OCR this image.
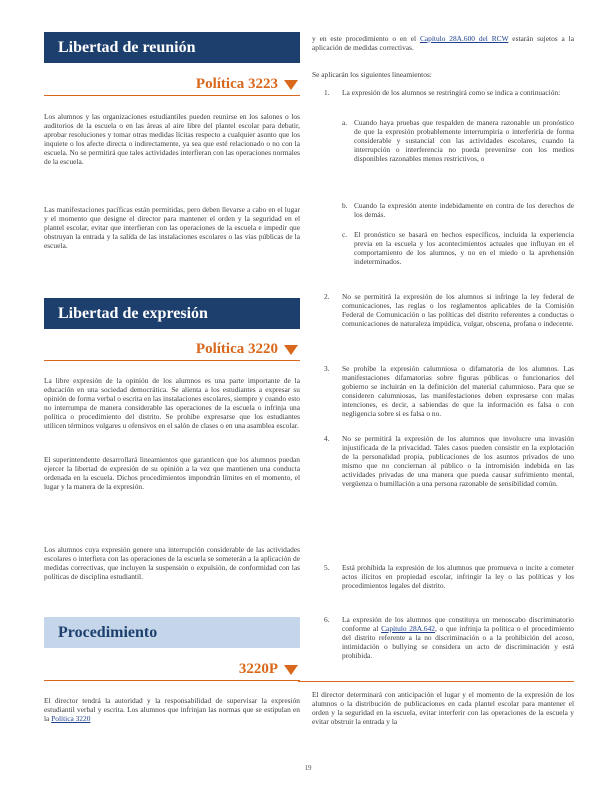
Libertad de reunión
Política 3223

Los alumnos y las organizaciones estudiantiles pueden reunirse en los salones o los auditorios de la escuela o en las áreas al aire libre del plantel escolar para debatir, aprobar resoluciones y tomar otras medidas lícitas respecto a cualquier asunto que los inquiete o los afecte directa o indirectamente, ya sea que esté relacionado o no con la escuela. No se permitirá que tales actividades interfieran con las operaciones normales de la escuela.

Las manifestaciones pacíficas están permitidas, pero deben llevarse a cabo en el lugar y el momento que designe el director para mantener el orden y la seguridad en el plantel escolar, evitar que interfieran con las operaciones de la escuela e impedir que obstruyan la entrada y la salida de las instalaciones escolares o las vías públicas de la escuela.

Libertad de expresión
Política 3220

La libre expresión de la opinión de los alumnos es una parte importante de la educación en una sociedad democrática. Se alienta a los estudiantes a expresar su opinión de forma verbal o escrita en las instalaciones escolares, siempre y cuando esto no interrumpa de manera considerable las operaciones de la escuela o infrinja una política o procedimiento del distrito. Se prohíbe expresarse que los estudiantes utilicen términos vulgares u ofensivos en el salón de clases o en una asamblea escolar.

El superintendente desarrollará lineamientos que garanticen que los alumnos puedan ejercer la libertad de expresión de su opinión a la vez que mantienen una conducta ordenada en la escuela. Dichos procedimientos impondrán límites en el momento, el lugar y la manera de la expresión.

Los alumnos cuya expresión genere una interrupción considerable de las actividades escolares o interfiera con las operaciones de la escuela se someterán a la aplicación de medidas correctivas, que incluyen la suspensión o expulsión, de conformidad con las políticas de disciplina estudiantil.

Procedimiento
3220P

El director tendrá la autoridad y la responsabilidad de supervisar la expresión estudiantil verbal y escrita. Los alumnos que infrinjan las normas que se estipulan en la Política 3220

y en este procedimiento o en el Capítulo 28A.600 del RCW estarán sujetos a la aplicación de medidas correctivas.

Se aplicarán los siguientes lineamientos:

1. La expresión de los alumnos se restringirá como se indica a continuación:

a. Cuando haya pruebas que respalden de manera razonable un pronóstico de que la expresión probablemente interrumpiría o interferiría de forma considerable y sustancial con las actividades escolares, cuando la interrupción o interferencia no pueda prevenirse con los medios disponibles razonables menos restrictivos, o

b. Cuando la expresión atente indebidamente en contra de los derechos de los demás.

c. El pronóstico se basará en hechos específicos, incluida la experiencia previa en la escuela y los acontecimientos actuales que influyan en el comportamiento de los alumnos, y no en el miedo o la aprehensión indeterminados.

2. No se permitirá la expresión de los alumnos si infringe la ley federal de comunicaciones, las reglas o los reglamentos aplicables de la Comisión Federal de Comunicación o las políticas del distrito referentes a conductas o comunicaciones de naturaleza impúdica, vulgar, obscena, profana o indecente.

3. Se prohíbe la expresión calumniosa o difamatoria de los alumnos. Las manifestaciones difamatorias sobre figuras públicas o funcionarios del gobierno se incluirán en la definición del material calumnioso. Para que se consideren calumniosas, las manifestaciones deben expresarse con malas intenciones, es decir, a sabiendas de que la información es falsa o con negligencia sobre si es falsa o no.

4. No se permitirá la expresión de los alumnos que involucre una invasión injustificada de la privacidad. Tales casos pueden consistir en la explotación de la personalidad propia, publicaciones de los asuntos privados de uno mismo que no conciernan al público o la intromisión indebida en las actividades privadas de una manera que pueda causar sufrimiento mental, vergüenza o humillación a una persona razonable de sensibilidad común.

5. Está prohibida la expresión de los alumnos que promueva o incite a cometer actos ilícitos en propiedad escolar, infringir la ley o las políticas y los procedimientos legales del distrito.

6. La expresión de los alumnos que constituya un menoscabo discriminatorio conforme al Capítulo 28A.642, o que infrinja la política o el procedimiento del distrito referente a la no discriminación o a la prohibición del acoso, intimidación o bullying se considera un acto de discriminación y está prohibida.

El director determinará con anticipación el lugar y el momento de la expresión de los alumnos o la distribución de publicaciones en cada plantel escolar para mantener el orden y la seguridad en la escuela, evitar interferir con las operaciones de la escuela y evitar obstruir la entrada y la

19
